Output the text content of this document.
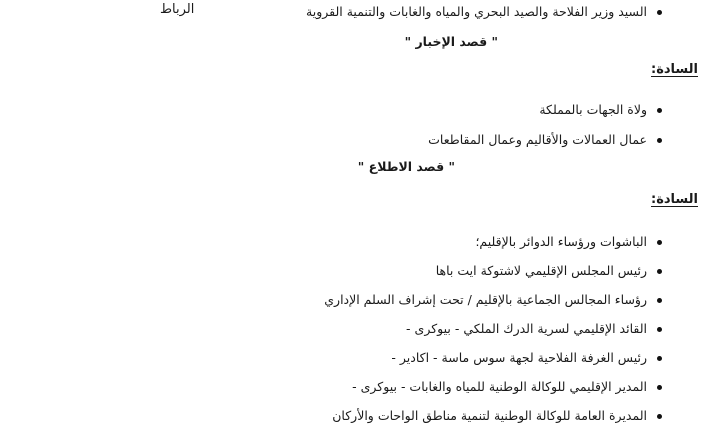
الرباط	السيد وزير الفلاحة والصيد البحري والمياه والغابات والتنمية القروية
" قصد الإخبار "
السادة:
ولاة الجهات بالمملكة
عمال العمالات والأقاليم وعمال المقاطعات
" قصد الاطلاع "
السادة:
الباشوات ورؤساء الدوائر بالإقليم؛
رئيس المجلس الإقليمي لاشتوكة ايت باها
رؤساء المجالس الجماعية بالإقليم / تحت إشراف السلم الإداري
القائد الإقليمي لسرية الدرك الملكي - بيوكرى -
رئيس الغرفة الفلاحية لجهة سوس ماسة - اكادير -
المدير الإقليمي للوكالة الوطنية للمياه والغابات - بيوكرى -
المديرة العامة للوكالة الوطنية لتنمية مناطق الواحات والأركان
